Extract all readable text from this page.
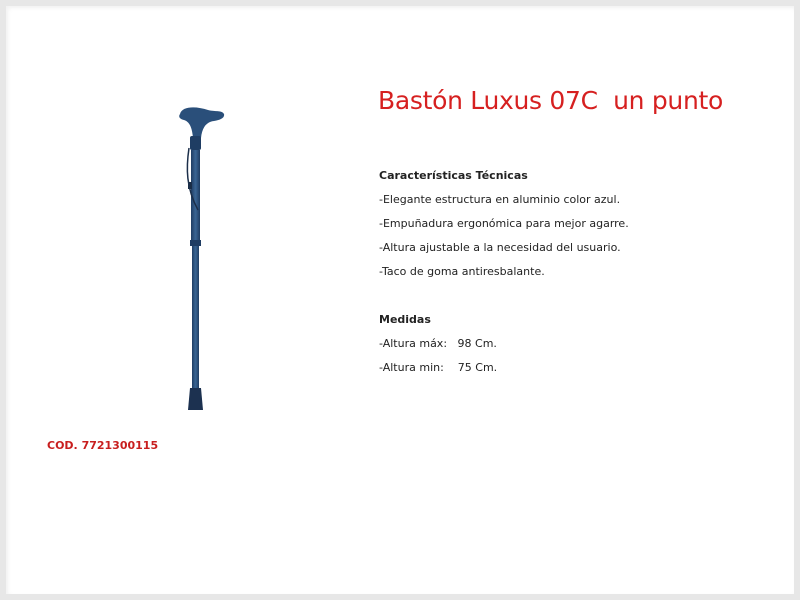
Bastón Luxus 07C  un punto

Características Técnicas

-Elegante estructura en aluminio color azul.

-Empuñadura ergonómica para mejor agarre.

-Altura ajustable a la necesidad del usuario.

-Taco de goma antiresbalante.

Medidas

-Altura máx:   98 Cm.

-Altura min:    75 Cm.

COD. 7721300115
